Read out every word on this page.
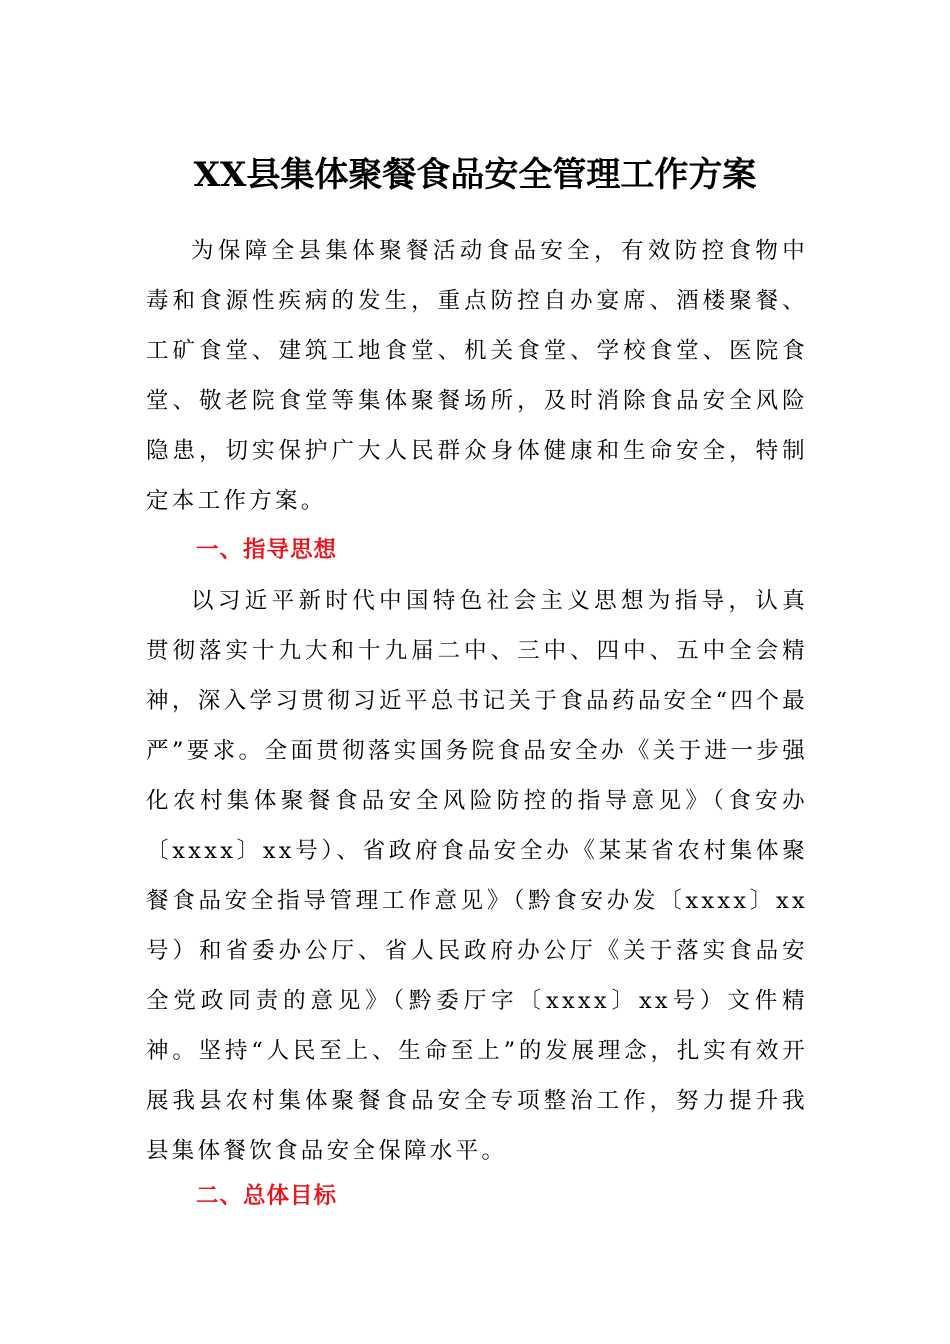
XX县集体聚餐食品安全管理工作方案

为保障全县集体聚餐活动食品安全，有效防控食物中毒和食源性疾病的发生，重点防控自办宴席、酒楼聚餐、工矿食堂、建筑工地食堂、机关食堂、学校食堂、医院食堂、敬老院食堂等集体聚餐场所，及时消除食品安全风险隐患，切实保护广大人民群众身体健康和生命安全，特制定本工作方案。

一、指导思想

以习近平新时代中国特色社会主义思想为指导，认真贯彻落实十九大和十九届二中、三中、四中、五中全会精神，深入学习贯彻习近平总书记关于食品药品安全“四个最严”要求。全面贯彻落实国务院食品安全办《关于进一步强化农村集体聚餐食品安全风险防控的指导意见》（食安办〔xxxx〕xx号）、省政府食品安全办《某某省农村集体聚餐食品安全指导管理工作意见》（黔食安办发〔xxxx〕xx号）和省委办公厅、省人民政府办公厅《关于落实食品安全党政同责的意见》（黔委厅字〔xxxx〕xx号）文件精神。坚持“人民至上、生命至上”的发展理念，扎实有效开展我县农村集体聚餐食品安全专项整治工作，努力提升我县集体餐饮食品安全保障水平。

二、总体目标
